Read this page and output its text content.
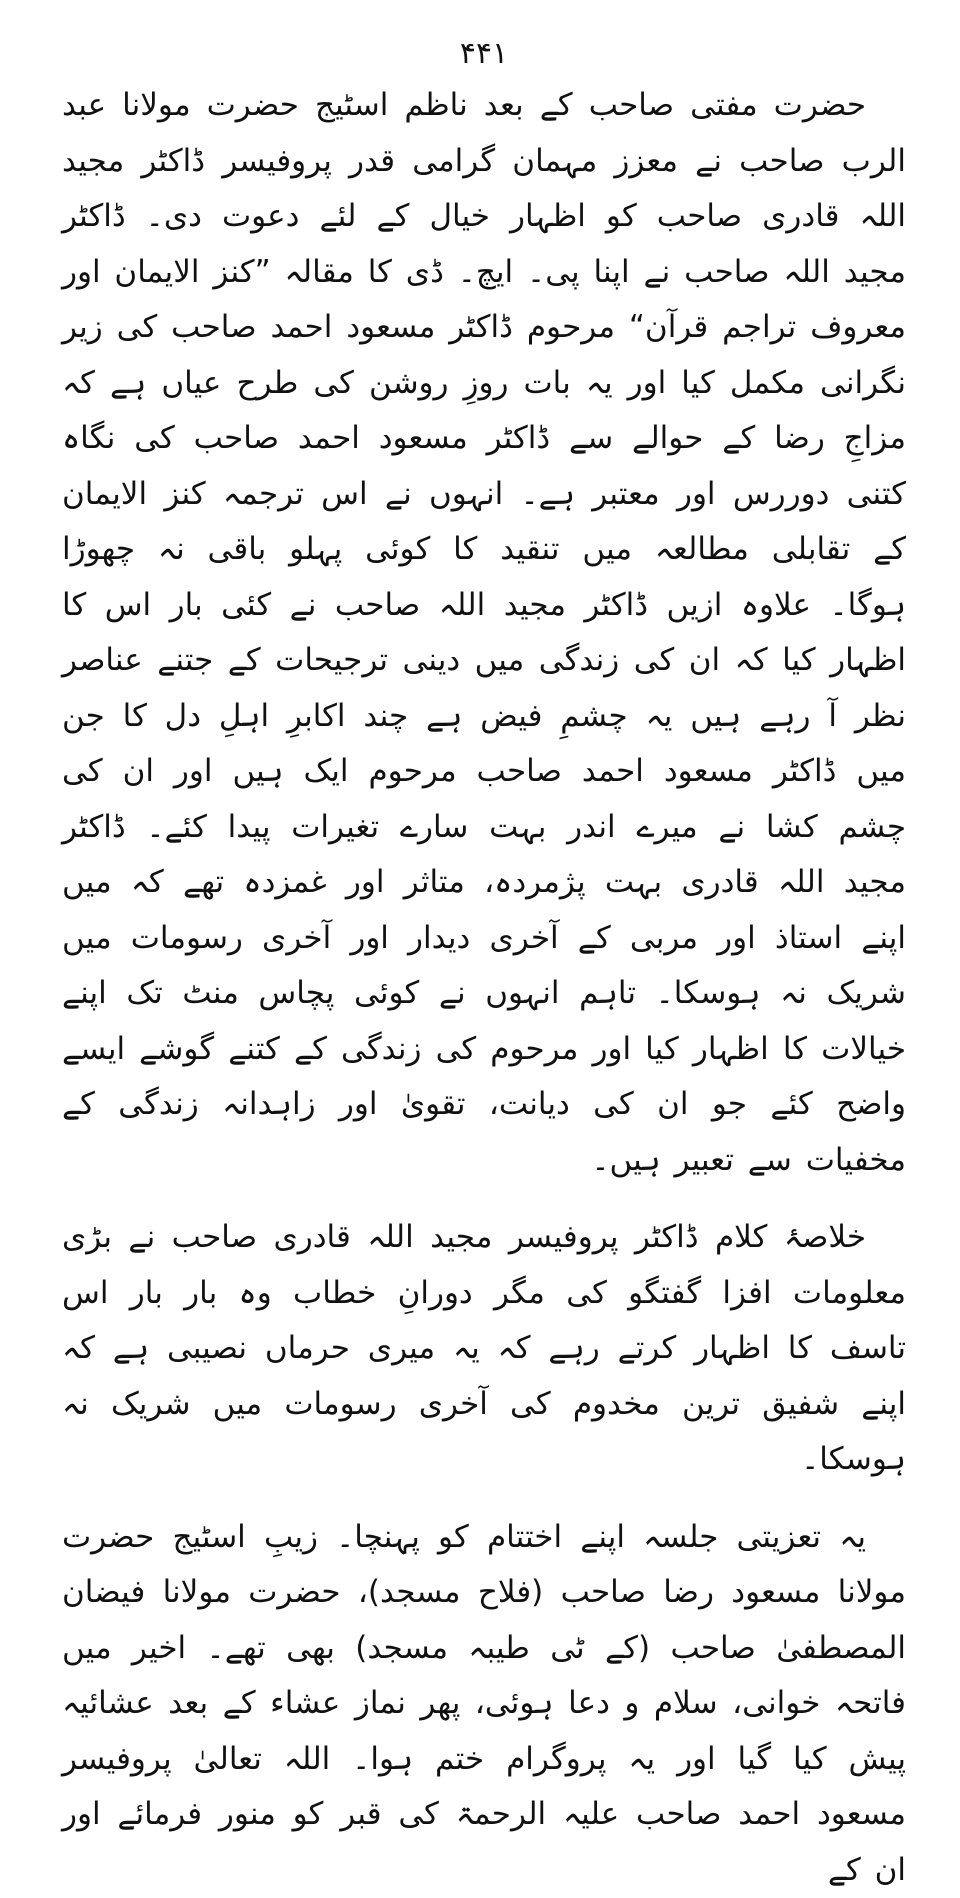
۴۴۱

حضرت مفتی صاحب کے بعد ناظم اسٹیج حضرت مولانا عبد الرب صاحب نے معزز مہمان گرامی قدر پروفیسر ڈاکٹر مجید اللہ قادری صاحب کو اظہار خیال کے لئے دعوت دی۔ ڈاکٹر مجید اللہ صاحب نے اپنا پی۔ ایچ۔ ڈی کا مقالہ ”کنز الایمان اور معروف تراجم قرآن“ مرحوم ڈاکٹر مسعود احمد صاحب کی زیر نگرانی مکمل کیا اور یہ بات روزِ روشن کی طرح عیاں ہے کہ مزاجِ رضا کے حوالے سے ڈاکٹر مسعود احمد صاحب کی نگاہ کتنی دوررس اور معتبر ہے۔ انہوں نے اس ترجمہ کنز الایمان کے تقابلی مطالعہ میں تنقید کا کوئی پہلو باقی نہ چھوڑا ہوگا۔ علاوہ ازیں ڈاکٹر مجید اللہ صاحب نے کئی بار اس کا اظہار کیا کہ ان کی زندگی میں دینی ترجیحات کے جتنے عناصر نظر آ رہے ہیں یہ چشمِ فیض ہے چند اکابرِ اہلِ دل کا جن میں ڈاکٹر مسعود احمد صاحب مرحوم ایک ہیں اور ان کی چشم کشا نے میرے اندر بہت سارے تغیرات پیدا کئے۔ ڈاکٹر مجید اللہ قادری بہت پژمردہ، متاثر اور غمزدہ تھے کہ میں اپنے استاذ اور مربی کے آخری دیدار اور آخری رسومات میں شریک نہ ہوسکا۔ تاہم انہوں نے کوئی پچاس منٹ تک اپنے خیالات کا اظہار کیا اور مرحوم کی زندگی کے کتنے گوشے ایسے واضح کئے جو ان کی دیانت، تقویٰ اور زاہدانہ زندگی کے مخفیات سے تعبیر ہیں۔

خلاصۂ کلام ڈاکٹر پروفیسر مجید اللہ قادری صاحب نے بڑی معلومات افزا گفتگو کی مگر دورانِ خطاب وہ بار بار اس تاسف کا اظہار کرتے رہے کہ یہ میری حرماں نصیبی ہے کہ اپنے شفیق ترین مخدوم کی آخری رسومات میں شریک نہ ہوسکا۔

یہ تعزیتی جلسہ اپنے اختتام کو پہنچا۔ زیبِ اسٹیج حضرت مولانا مسعود رضا صاحب (فلاح مسجد)، حضرت مولانا فیضان المصطفیٰ صاحب (کے ٹی طیبہ مسجد) بھی تھے۔ اخیر میں فاتحہ خوانی، سلام و دعا ہوئی، پھر نماز عشاء کے بعد عشائیہ پیش کیا گیا اور یہ پروگرام ختم ہوا۔ اللہ تعالیٰ پروفیسر مسعود احمد صاحب علیہ الرحمۃ کی قبر کو منور فرمائے اور ان کے
